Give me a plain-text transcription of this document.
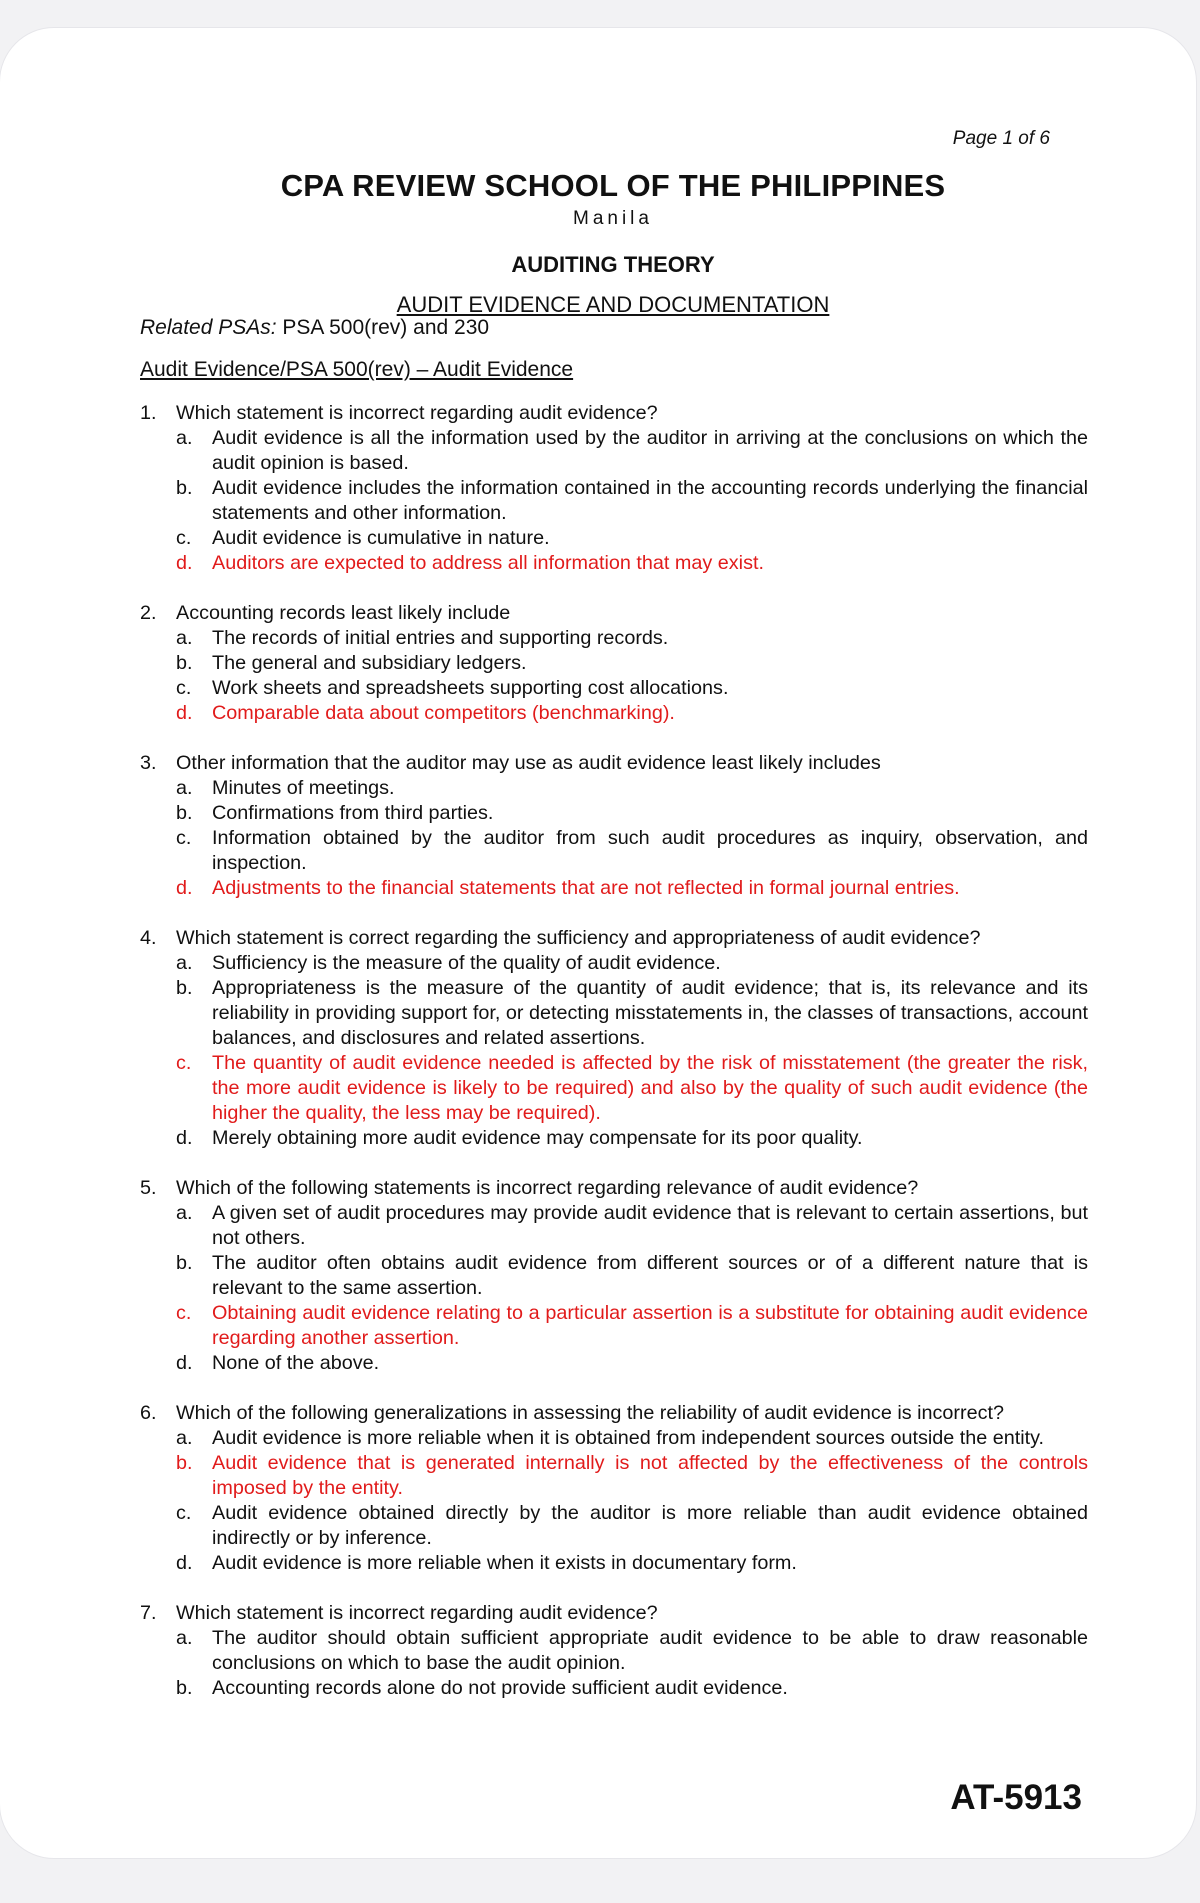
Page 1 of 6
CPA REVIEW SCHOOL OF THE PHILIPPINES
Manila
AUDITING THEORY
AUDIT EVIDENCE AND DOCUMENTATION
Related PSAs: PSA 500(rev) and 230
Audit Evidence/PSA 500(rev) – Audit Evidence
1. Which statement is incorrect regarding audit evidence?
a. Audit evidence is all the information used by the auditor in arriving at the conclusions on which the audit opinion is based.
b. Audit evidence includes the information contained in the accounting records underlying the financial statements and other information.
c.	Audit evidence is cumulative in nature.
d. Auditors are expected to address all information that may exist.
2. Accounting records least likely include
a. The records of initial entries and supporting records.
b. The general and subsidiary ledgers.
c.	Work sheets and spreadsheets supporting cost allocations.
d. Comparable data about competitors (benchmarking).
3. Other information that the auditor may use as audit evidence least likely includes
a. Minutes of meetings.
b. Confirmations from third parties.
c.	Information obtained by the auditor from such audit procedures as inquiry, observation, and inspection.
d. Adjustments to the financial statements that are not reflected in formal journal entries.
4. Which statement is correct regarding the sufficiency and appropriateness of audit evidence?
a. Sufficiency is the measure of the quality of audit evidence.
b. Appropriateness is the measure of the quantity of audit evidence; that is, its relevance and its reliability in providing support for, or detecting misstatements in, the classes of transactions, account balances, and disclosures and related assertions.
c.	The quantity of audit evidence needed is affected by the risk of misstatement (the greater the risk, the more audit evidence is likely to be required) and also by the quality of such audit evidence (the higher the quality, the less may be required).
d. Merely obtaining more audit evidence may compensate for its poor quality.
5. Which of the following statements is incorrect regarding relevance of audit evidence?
a. A given set of audit procedures may provide audit evidence that is relevant to certain assertions, but not others.
b. The auditor often obtains audit evidence from different sources or of a different nature that is relevant to the same assertion.
c.	Obtaining audit evidence relating to a particular assertion is a substitute for obtaining audit evidence regarding another assertion.
d. None of the above.
6. Which of the following generalizations in assessing the reliability of audit evidence is incorrect?
a. Audit evidence is more reliable when it is obtained from independent sources outside the entity.
b. Audit evidence that is generated internally is not affected by the effectiveness of the controls imposed by the entity.
c.	Audit evidence obtained directly by the auditor is more reliable than audit evidence obtained indirectly or by inference.
d. Audit evidence is more reliable when it exists in documentary form.
7. Which statement is incorrect regarding audit evidence?
a. The auditor should obtain sufficient appropriate audit evidence to be able to draw reasonable conclusions on which to base the audit opinion.
b. Accounting records alone do not provide sufficient audit evidence.
AT-5913
